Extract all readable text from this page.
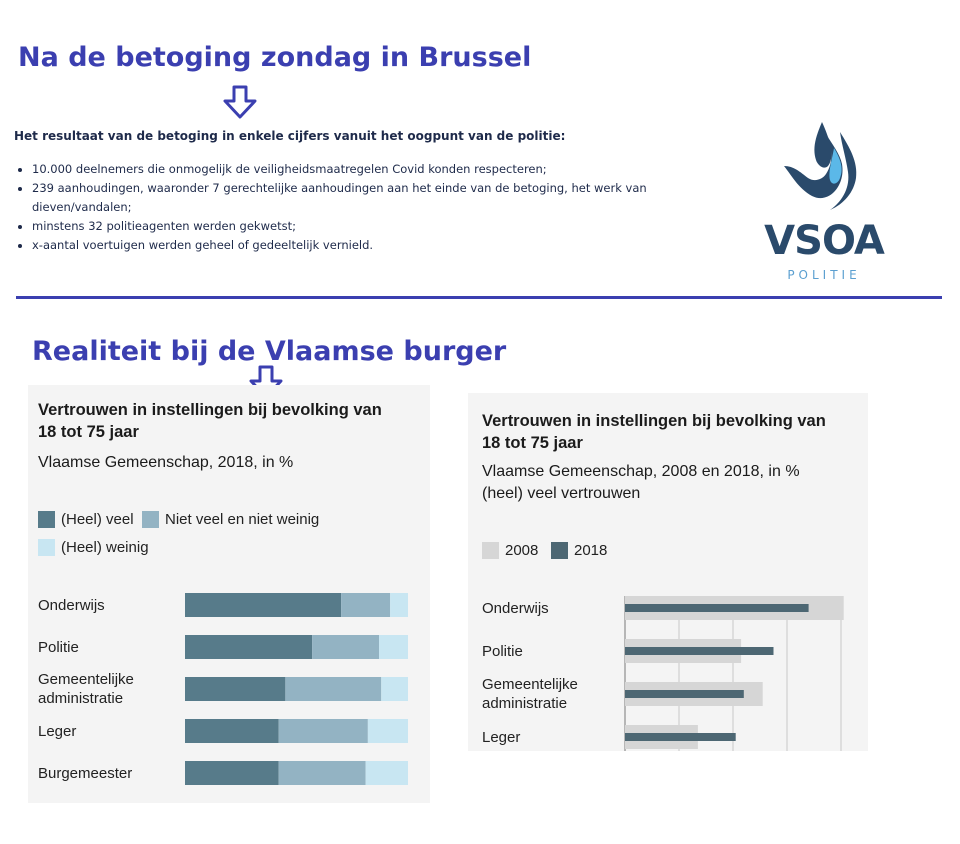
Na de betoging zondag in Brussel
Het resultaat van de betoging in enkele cijfers vanuit het oogpunt van de politie:
• 10.000 deelnemers die onmogelijk de veiligheidsmaatregelen Covid konden respecteren;
• 239 aanhoudingen, waaronder 7 gerechtelijke aanhoudingen aan het einde van de betoging, het werk van dieven/vandalen;
• minstens 32 politieagenten werden gekwetst;
• x-aantal voertuigen werden geheel of gedeeltelijk vernield.	VSOA
POLITIE
Realiteit bij de Vlaamse burger
Vertrouwen in instellingen bij bevolking van
18 tot 75 jaar
Vlaamse Gemeenschap, 2018, in %
(Heel) veel Niet veel en niet weinig
(Heel) weinig
Onderwijs
Politie
Gemeentelijke
administratie
Leger
Burgemeester
Vertrouwen in instellingen bij bevolking van
18 tot 75 jaar
Vlaamse Gemeenschap, 2008 en 2018, in %
(heel) veel vertrouwen
2008 2018
Onderwijs
Politie
Gemeentelijke
administratie
Leger
